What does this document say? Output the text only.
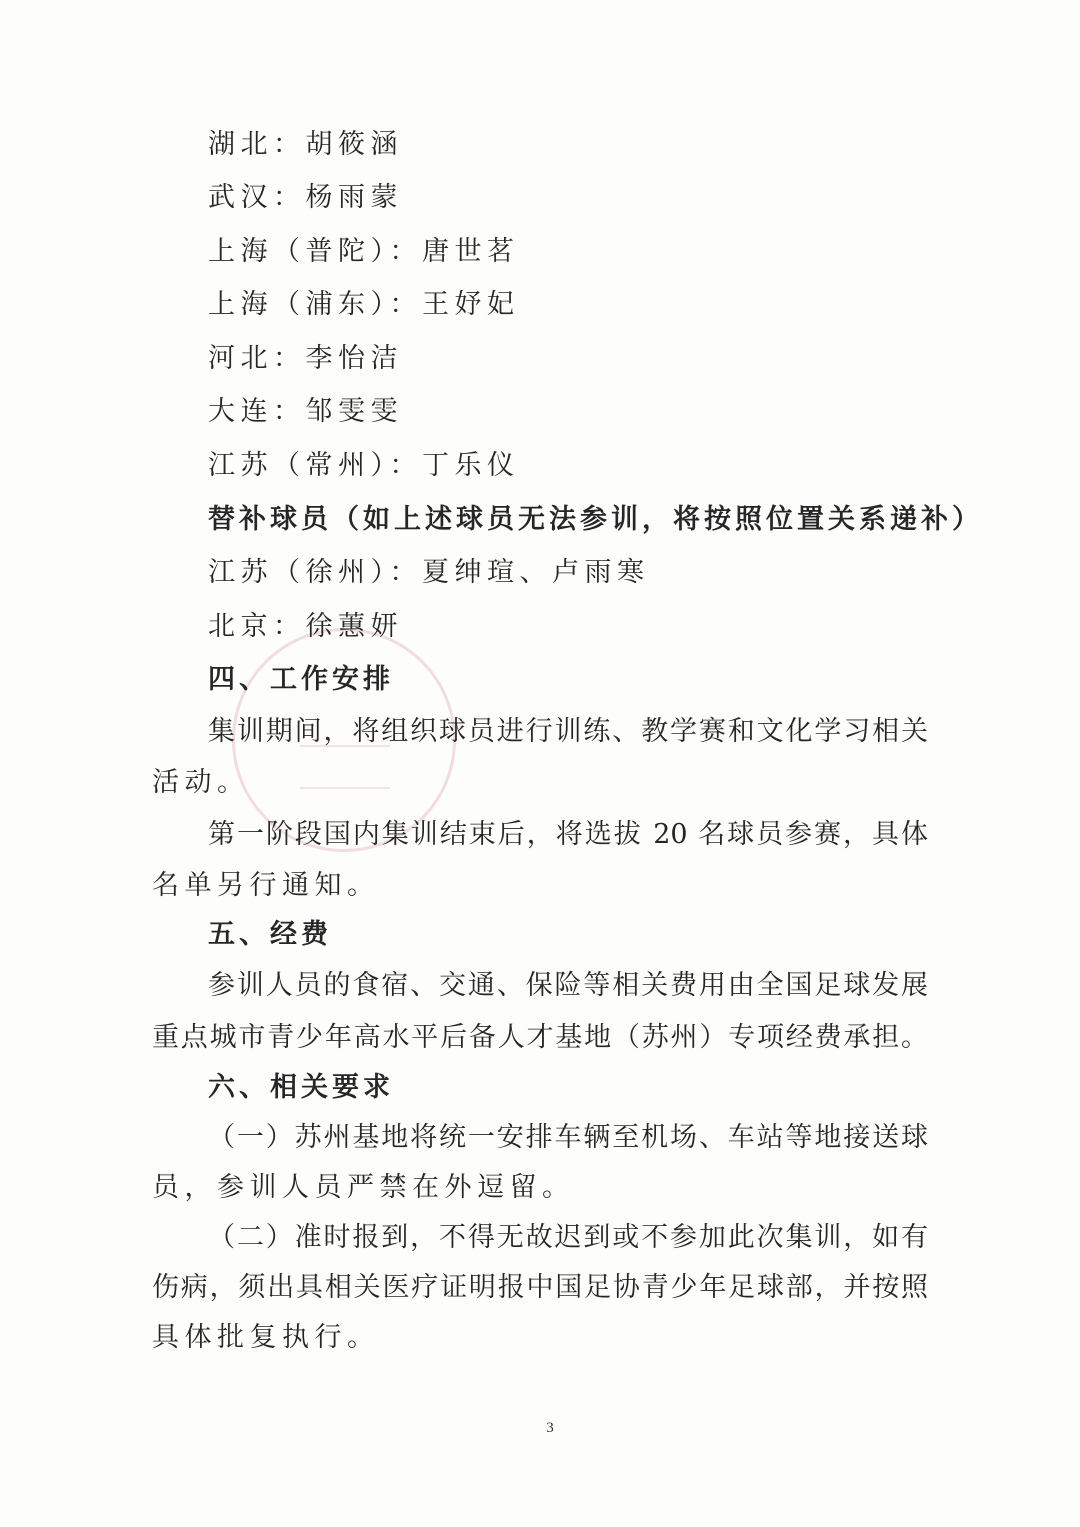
湖北：胡筱涵
武汉：杨雨蒙
上海（普陀）：唐世茗
上海（浦东）：王妤妃
河北：李怡洁
大连：邹雯雯
江苏（常州）：丁乐仪
替补球员（如上述球员无法参训，将按照位置关系递补）
江苏（徐州）：夏绅瑄、卢雨寒
北京：徐蕙妍
四、工作安排
集训期间，将组织球员进行训练、教学赛和文化学习相关
活动。
第一阶段国内集训结束后，将选拔 20 名球员参赛，具体
名单另行通知。
五、经费
参训人员的食宿、交通、保险等相关费用由全国足球发展
重点城市青少年高水平后备人才基地（苏州）专项经费承担。
六、相关要求
（一）苏州基地将统一安排车辆至机场、车站等地接送球
员，参训人员严禁在外逗留。
（二）准时报到，不得无故迟到或不参加此次集训，如有
伤病，须出具相关医疗证明报中国足协青少年足球部，并按照
具体批复执行。
3
